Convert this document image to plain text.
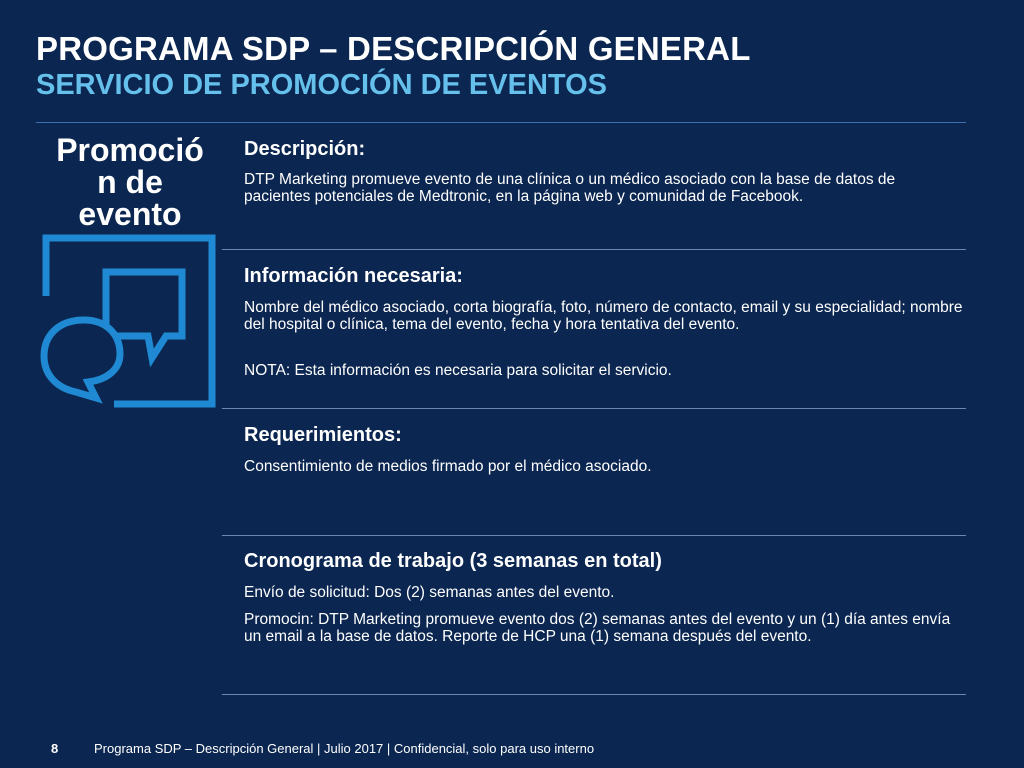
PROGRAMA SDP – DESCRIPCIÓN GENERAL
SERVICIO DE PROMOCIÓN DE EVENTOS
Promoció
n de
evento
Descripción:
DTP Marketing promueve evento de una clínica o un médico asociado con la base de datos de pacientes potenciales de Medtronic, en la página web y comunidad de Facebook.
Información necesaria:
Nombre del médico asociado, corta biografía, foto, número de contacto, email y su especialidad; nombre del hospital o clínica, tema del evento, fecha y hora tentativa del evento.
NOTA: Esta información es necesaria para solicitar el servicio.
Requerimientos:
Consentimiento de medios firmado por el médico asociado.
Cronograma de trabajo (3 semanas en total)
Envío de solicitud: Dos (2) semanas antes del evento.
Promocin: DTP Marketing promueve evento dos (2) semanas antes del evento y un (1) día antes envía un email a la base de datos. Reporte de HCP una (1) semana después del evento.
8	Programa SDP – Descripción General | Julio 2017 | Confidencial, solo para uso interno
